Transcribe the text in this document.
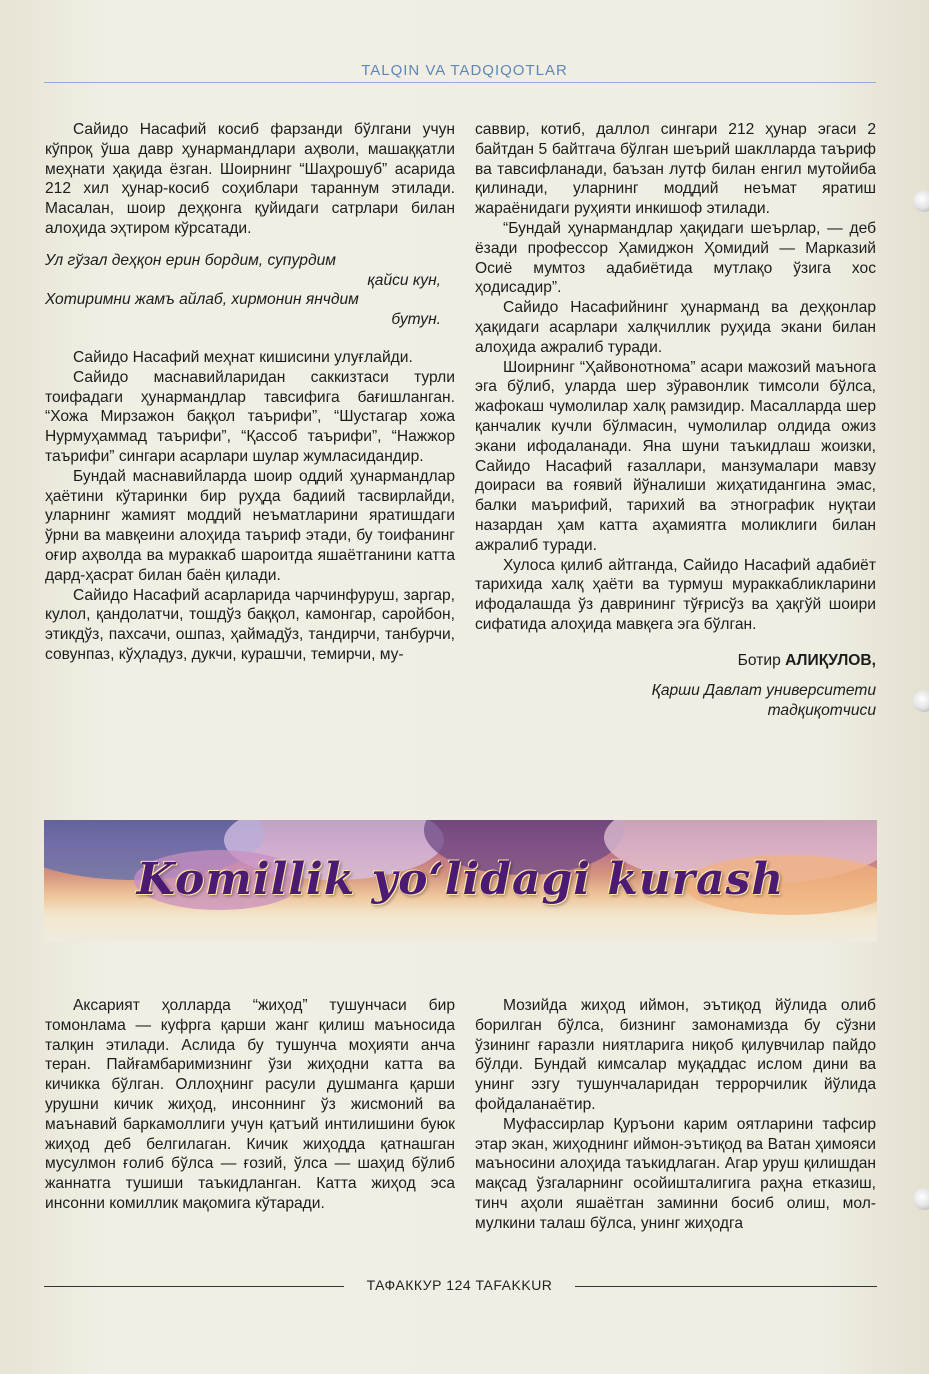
TALQIN VA TADQIQOTLAR

Сайидо Насафий косиб фарзанди бўлгани учун кўпроқ ўша давр ҳунармандлари аҳволи, машаққатли меҳнати ҳақида ёзган. Шоирнинг “Шаҳрошуб” асарида 212 хил ҳунар-косиб соҳиблари тараннум этилади. Масалан, шоир деҳқонга қуйидаги сатрлари билан алоҳида эҳтиром кўрсатади.

Ул гўзал деҳқон ерин бордим, супурдим
қайси кун,
Хотиримни жамъ айлаб, хирмонин янчдим
бутун.

Сайидо Насафий меҳнат кишисини улуғлайди.

Сайидо маснавийларидан саккизтаси турли тоифадаги ҳунармандлар тавсифига бағишланган. “Хожа Мирзажон баққол таърифи”, “Шустагар хожа Нурмуҳаммад таърифи”, “Қассоб таърифи”, “Нажжор таърифи” сингари асарлари шулар жумласидандир.

Бундай маснавийларда шоир оддий ҳунармандлар ҳаётини кўтаринки бир руҳда бадиий тасвирлайди, уларнинг жамият моддий неъматларини яратишдаги ўрни ва мавқеини алоҳида таъриф этади, бу тоифанинг оғир аҳволда ва мураккаб шароитда яшаётганини катта дард-ҳасрат билан баён қилади.

Сайидо Насафий асарларида чарчинфуруш, заргар, кулол, қандолатчи, тошдўз баққол, камонгар, саройбон, этикдўз, пахсачи, ошпаз, ҳаймадўз, тандирчи, танбурчи, совунпаз, кўҳладуз, дукчи, курашчи, темирчи, му-

саввир, котиб, даллол сингари 212 ҳунар эгаси 2 байтдан 5 байтгача бўлган шеърий шаклларда таъриф ва тавсифланади, баъзан лутф билан енгил мутойиба қилинади, уларнинг моддий неъмат яратиш жараёнидаги руҳияти инкишоф этилади.

“Бундай ҳунармандлар ҳақидаги шеърлар, — деб ёзади профессор Ҳамиджон Ҳомидий — Марказий Осиё мумтоз адабиётида мутлақо ўзига хос ҳодисадир”.

Сайидо Насафийнинг ҳунарманд ва деҳқонлар ҳақидаги асарлари халқчиллик руҳида экани билан алоҳида ажралиб туради.

Шоирнинг “Ҳайвонотнома” асари мажозий маънога эга бўлиб, уларда шер зўравонлик тимсоли бўлса, жафокаш чумолилар халқ рамзидир. Масалларда шер қанчалик кучли бўлмасин, чумолилар олдида ожиз экани ифодаланади. Яна шуни таъкидлаш жоизки, Сайидо Насафий ғазаллари, манзумалари мавзу доираси ва ғоявий йўналиши жиҳатидангина эмас, балки маърифий, тарихий ва этнографик нуқтаи назардан ҳам катта аҳамиятга моликлиги билан ажралиб туради.

Хулоса қилиб айтганда, Сайидо Насафий адабиёт тарихида халқ ҳаёти ва турмуш мураккабликларини ифодалашда ўз даврининг тўғрисўз ва ҳақгўй шоири сифатида алоҳида мавқега эга бўлган.

Ботир АЛИҚУЛОВ,
Қарши Давлат университети
тадқиқотчиси
Komillik yo‘lidagi kurash

Аксарият ҳолларда “жиҳод” тушунчаси бир томонлама — куфрга қарши жанг қилиш маъносида талқин этилади. Аслида бу тушунча моҳияти анча теран. Пайғамбаримизнинг ўзи жиҳодни катта ва кичикка бўлган. Оллоҳнинг расули душманга қарши урушни кичик жиҳод, инсоннинг ўз жисмоний ва маънавий баркамоллиги учун қатъий интилишини буюк жиҳод деб белгилаган. Кичик жиҳодда қатнашган мусулмон ғолиб бўлса — ғозий, ўлса — шаҳид бўлиб жаннатга тушиши таъкидланган. Катта жиҳод эса инсонни комиллик мақомига кўтаради.

Мозийда жиҳод иймон, эътиқод йўлида олиб борилган бўлса, бизнинг замонамизда бу сўзни ўзининг ғаразли ниятларига ниқоб қилувчилар пайдо бўлди. Бундай кимсалар муқаддас ислом дини ва унинг эзгу тушунчаларидан террорчилик йўлида фойдаланаётир.

Муфассирлар Қуръони карим оятларини тафсир этар экан, жиҳоднинг иймон-эътиқод ва Ватан ҳимояси маъносини алоҳида таъкидлаган. Агар уруш қилишдан мақсад ўзгаларнинг осойишталигига раҳна етказиш, тинч аҳоли яшаётган заминни босиб олиш, мол-мулкини талаш бўлса, унинг жиҳодга

ТАФАККУР 124 TAFAKKUR
